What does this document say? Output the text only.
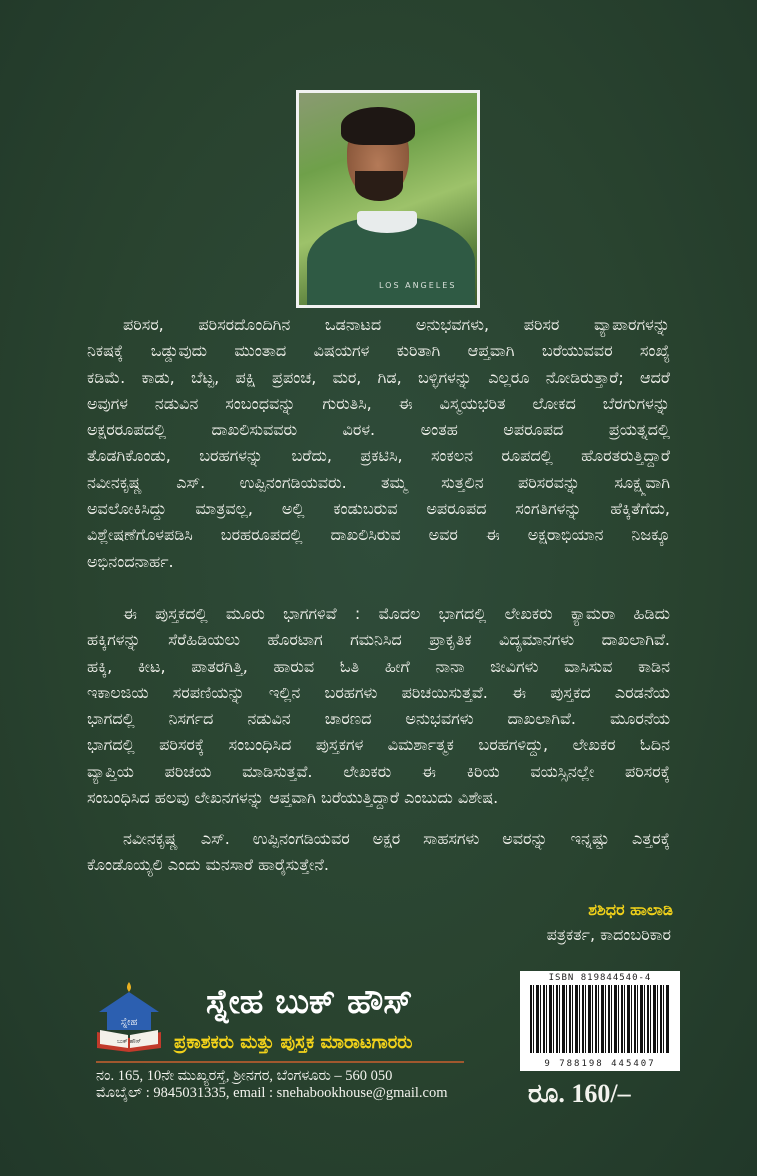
LOS ANGELES
ಪರಿಸರ, ಪರಿಸರದೊಂದಿಗಿನ ಒಡನಾಟದ ಅನುಭವಗಳು, ಪರಿಸರ ವ್ಯಾಪಾರಗಳನ್ನು
ನಿಕಷಕ್ಕೆ ಒಡ್ಡುವುದು ಮುಂತಾದ ವಿಷಯಗಳ ಕುರಿತಾಗಿ ಆಪ್ತವಾಗಿ ಬರೆಯುವವರ ಸಂಖ್ಯೆ
ಕಡಿಮೆ. ಕಾಡು, ಬೆಟ್ಟ, ಪಕ್ಷಿ ಪ್ರಪಂಚ, ಮರ, ಗಿಡ, ಬಳ್ಳಿಗಳನ್ನು ಎಲ್ಲರೂ ನೋಡಿರುತ್ತಾರೆ; ಆದರೆ
ಅವುಗಳ ನಡುವಿನ ಸಂಬಂಧವನ್ನು ಗುರುತಿಸಿ, ಈ ವಿಸ್ಮಯಭರಿತ ಲೋಕದ ಬೆರಗುಗಳನ್ನು
ಅಕ್ಷರರೂಪದಲ್ಲಿ ದಾಖಲಿಸುವವರು ವಿರಳ. ಅಂತಹ ಅಪರೂಪದ ಪ್ರಯತ್ನದಲ್ಲಿ
ತೊಡಗಿಕೊಂಡು, ಬರಹಗಳನ್ನು ಬರೆದು, ಪ್ರಕಟಿಸಿ, ಸಂಕಲನ ರೂಪದಲ್ಲಿ ಹೊರತರುತ್ತಿದ್ದಾರೆ
ನವೀನಕೃಷ್ಣ ಎಸ್. ಉಪ್ಪಿನಂಗಡಿಯವರು. ತಮ್ಮ ಸುತ್ತಲಿನ ಪರಿಸರವನ್ನು ಸೂಕ್ಷ್ಮವಾಗಿ
ಅವಲೋಕಿಸಿದ್ದು ಮಾತ್ರವಲ್ಲ, ಅಲ್ಲಿ ಕಂಡುಬರುವ ಅಪರೂಪದ ಸಂಗತಿಗಳನ್ನು ಹೆಕ್ಕಿತೆಗೆದು,
ವಿಶ್ಲೇಷಣೆಗೊಳಪಡಿಸಿ ಬರಹರೂಪದಲ್ಲಿ ದಾಖಲಿಸಿರುವ ಅವರ ಈ ಅಕ್ಷರಾಭಿಯಾನ ನಿಜಕ್ಕೂ
ಅಭಿನಂದನಾರ್ಹ.
ಈ ಪುಸ್ತಕದಲ್ಲಿ ಮೂರು ಭಾಗಗಳಿವೆ : ಮೊದಲ ಭಾಗದಲ್ಲಿ ಲೇಖಕರು ಕ್ಯಾಮರಾ ಹಿಡಿದು
ಹಕ್ಕಿಗಳನ್ನು ಸೆರೆಹಿಡಿಯಲು ಹೊರಟಾಗ ಗಮನಿಸಿದ ಪ್ರಾಕೃತಿಕ ವಿದ್ಯಮಾನಗಳು ದಾಖಲಾಗಿವೆ.
ಹಕ್ಕಿ, ಕೀಟ, ಪಾತರಗಿತ್ತಿ, ಹಾರುವ ಓತಿ ಹೀಗೆ ನಾನಾ ಜೀವಿಗಳು ವಾಸಿಸುವ ಕಾಡಿನ
ಇಕಾಲಜಿಯ ಸರಪಣಿಯನ್ನು ಇಲ್ಲಿನ ಬರಹಗಳು ಪರಿಚಯಿಸುತ್ತವೆ. ಈ ಪುಸ್ತಕದ ಎರಡನೆಯ
ಭಾಗದಲ್ಲಿ ನಿಸರ್ಗದ ನಡುವಿನ ಚಾರಣದ ಅನುಭವಗಳು ದಾಖಲಾಗಿವೆ. ಮೂರನೆಯ
ಭಾಗದಲ್ಲಿ ಪರಿಸರಕ್ಕೆ ಸಂಬಂಧಿಸಿದ ಪುಸ್ತಕಗಳ ವಿಮರ್ಶಾತ್ಮಕ ಬರಹಗಳಿದ್ದು, ಲೇಖಕರ ಓದಿನ
ವ್ಯಾಪ್ತಿಯ ಪರಿಚಯ ಮಾಡಿಸುತ್ತವೆ. ಲೇಖಕರು ಈ ಕಿರಿಯ ವಯಸ್ಸಿನಲ್ಲೇ ಪರಿಸರಕ್ಕೆ
ಸಂಬಂಧಿಸಿದ ಹಲವು ಲೇಖನಗಳನ್ನು ಆಪ್ತವಾಗಿ ಬರೆಯುತ್ತಿದ್ದಾರೆ ಎಂಬುದು ವಿಶೇಷ.
ನವೀನಕೃಷ್ಣ ಎಸ್. ಉಪ್ಪಿನಂಗಡಿಯವರ ಅಕ್ಷರ ಸಾಹಸಗಳು ಅವರನ್ನು ಇನ್ನಷ್ಟು ಎತ್ತರಕ್ಕೆ
ಕೊಂಡೊಯ್ಯಲಿ ಎಂದು ಮನಸಾರೆ ಹಾರೈಸುತ್ತೇನೆ.
ಶಶಿಧರ ಹಾಲಾಡಿ
ಪತ್ರಕರ್ತ, ಕಾದಂಬರಿಕಾರ
ಸ್ನೇಹ
ಬುಕ್ ಹೌಸ್
ಸ್ನೇಹ ಬುಕ್ ಹೌಸ್
ಪ್ರಕಾಶಕರು ಮತ್ತು ಪುಸ್ತಕ ಮಾರಾಟಗಾರರು
ನಂ. 165, 10ನೇ ಮುಖ್ಯರಸ್ತೆ, ಶ್ರೀನಗರ, ಬೆಂಗಳೂರು – 560 050
ಮೊಬೈಲ್ : 9845031335, email : snehabookhouse@gmail.com
ISBN 819844540-4
9 788198 445407
ರೂ. 160/–
